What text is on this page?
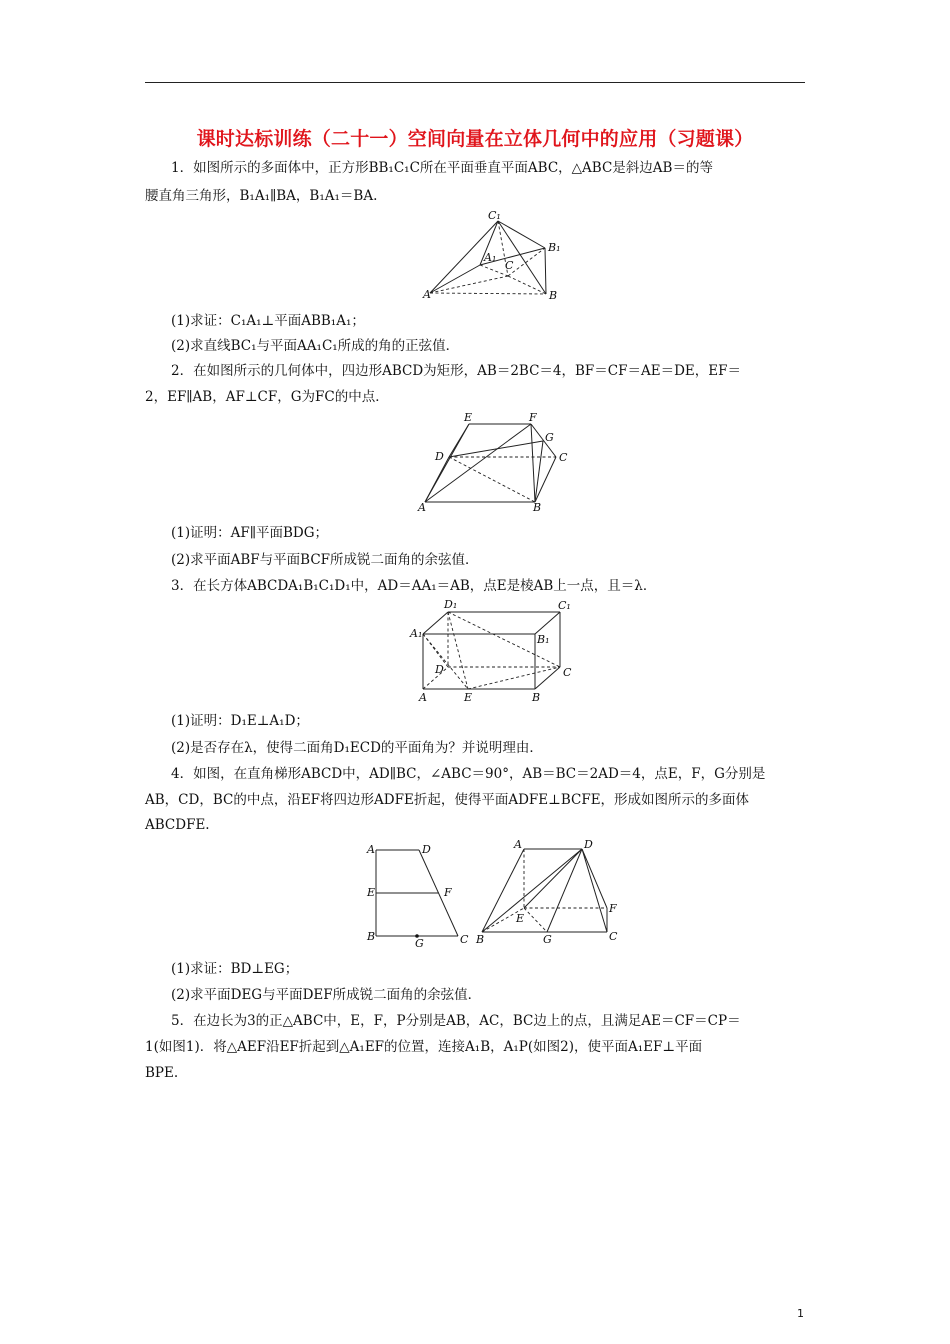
课时达标训练（二十一）空间向量在立体几何中的应用（习题课）
1．如图所示的多面体中，正方形BB₁C₁C所在平面垂直平面ABC，△ABC是斜边AB＝的等
腰直角三角形，B₁A₁∥BA，B₁A₁＝BA.
C₁
B₁
A₁
C
A	B
(1)求证：C₁A₁⊥平面ABB₁A₁；
(2)求直线BC₁与平面AA₁C₁所成的角的正弦值．
2．在如图所示的几何体中，四边形ABCD为矩形，AB＝2BC＝4，BF＝CF＝AE＝DE，EF＝
2，EF∥AB，AF⊥CF，G为FC的中点．
E	F
G
D	C
A	B
(1)证明：AF∥平面BDG；
(2)求平面ABF与平面BCF所成锐二面角的余弦值．
3．在长方体ABCDA₁B₁C₁D₁中，AD＝AA₁＝AB，点E是棱AB上一点，且＝λ．
D₁	C₁
A₁	B₁
D	C
A	E	B
(1)证明：D₁E⊥A₁D；
(2)是否存在λ，使得二面角D₁ECD的平面角为？并说明理由．
4．如图，在直角梯形ABCD中，AD∥BC，∠ABC＝90°，AB＝BC＝2AD＝4，点E，F，G分别是
AB，CD，BC的中点，沿EF将四边形ADFE折起，使得平面ADFE⊥BCFE，形成如图所示的多面体
ABCDFE.
A	D
E	F
B
G	C
A	D
E
F
B	G	C
(1)求证：BD⊥EG；
(2)求平面DEG与平面DEF所成锐二面角的余弦值．
5．在边长为3的正△ABC中，E，F，P分别是AB，AC，BC边上的点，且满足AE＝CF＝CP＝
1(如图1)．将△AEF沿EF折起到△A₁EF的位置，连接A₁B，A₁P(如图2)，使平面A₁EF⊥平面
BPE.
1
